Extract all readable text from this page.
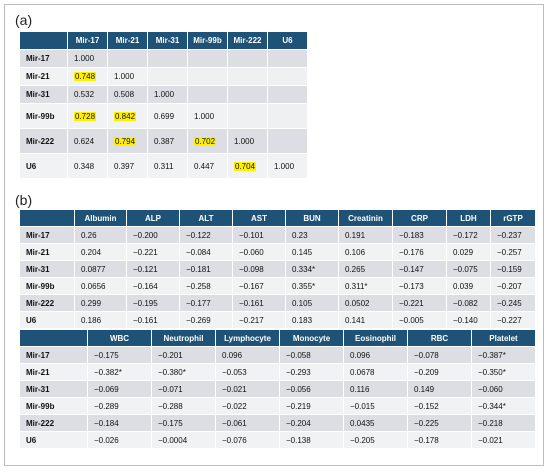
(a)
	Mir-17	Mir-21	Mir-31	Mir-99b	Mir-222	U6
Mir-17	1.000					
Mir-21	0.748	1.000				
Mir-31	0.532	0.508	1.000			
Mir-99b	0.728	0.842	0.699	1.000		
Mir-222	0.624	0.794	0.387	0.702	1.000	
U6	0.348	0.397	0.311	0.447	0.704	1.000
(b)
	Albumin	ALP	ALT	AST	BUN	Creatinin	CRP	LDH	rGTP
Mir-17	0.26	−0.200	−0.122	−0.101	0.23	0.191	−0.183	−0.172	−0.237
Mir-21	0.204	−0.221	−0.084	−0.060	0.145	0.106	−0.176	0.029	−0.257
Mir-31	0.0877	−0.121	−0.181	−0.098	0.334*	0.265	−0.147	−0.075	−0.159
Mir-99b	0.0656	−0.164	−0.258	−0.167	0.355*	0.311*	−0.173	0.039	−0.207
Mir-222	0.299	−0.195	−0.177	−0.161	0.105	0.0502	−0.221	−0.082	−0.245
U6	0.186	−0.161	−0.269	−0.217	0.183	0.141	−0.005	−0.140	−0.227
	WBC	Neutrophil	Lymphocyte	Monocyte	Eosinophil	RBC	Platelet
Mir-17	−0.175	−0.201	0.096	−0.058	0.096	−0.078	−0.387*
Mir-21	−0.382*	−0.380*	−0.053	−0.293	0.0678	−0.209	−0.350*
Mir-31	−0.069	−0.071	−0.021	−0.056	0.116	0.149	−0.060
Mir-99b	−0.289	−0.288	−0.022	−0.219	−0.015	−0.152	−0.344*
Mir-222	−0.184	−0.175	−0.061	−0.204	0.0435	−0.225	−0.218
U6	−0.026	−0.0004	−0.076	−0.138	−0.205	−0.178	−0.021
